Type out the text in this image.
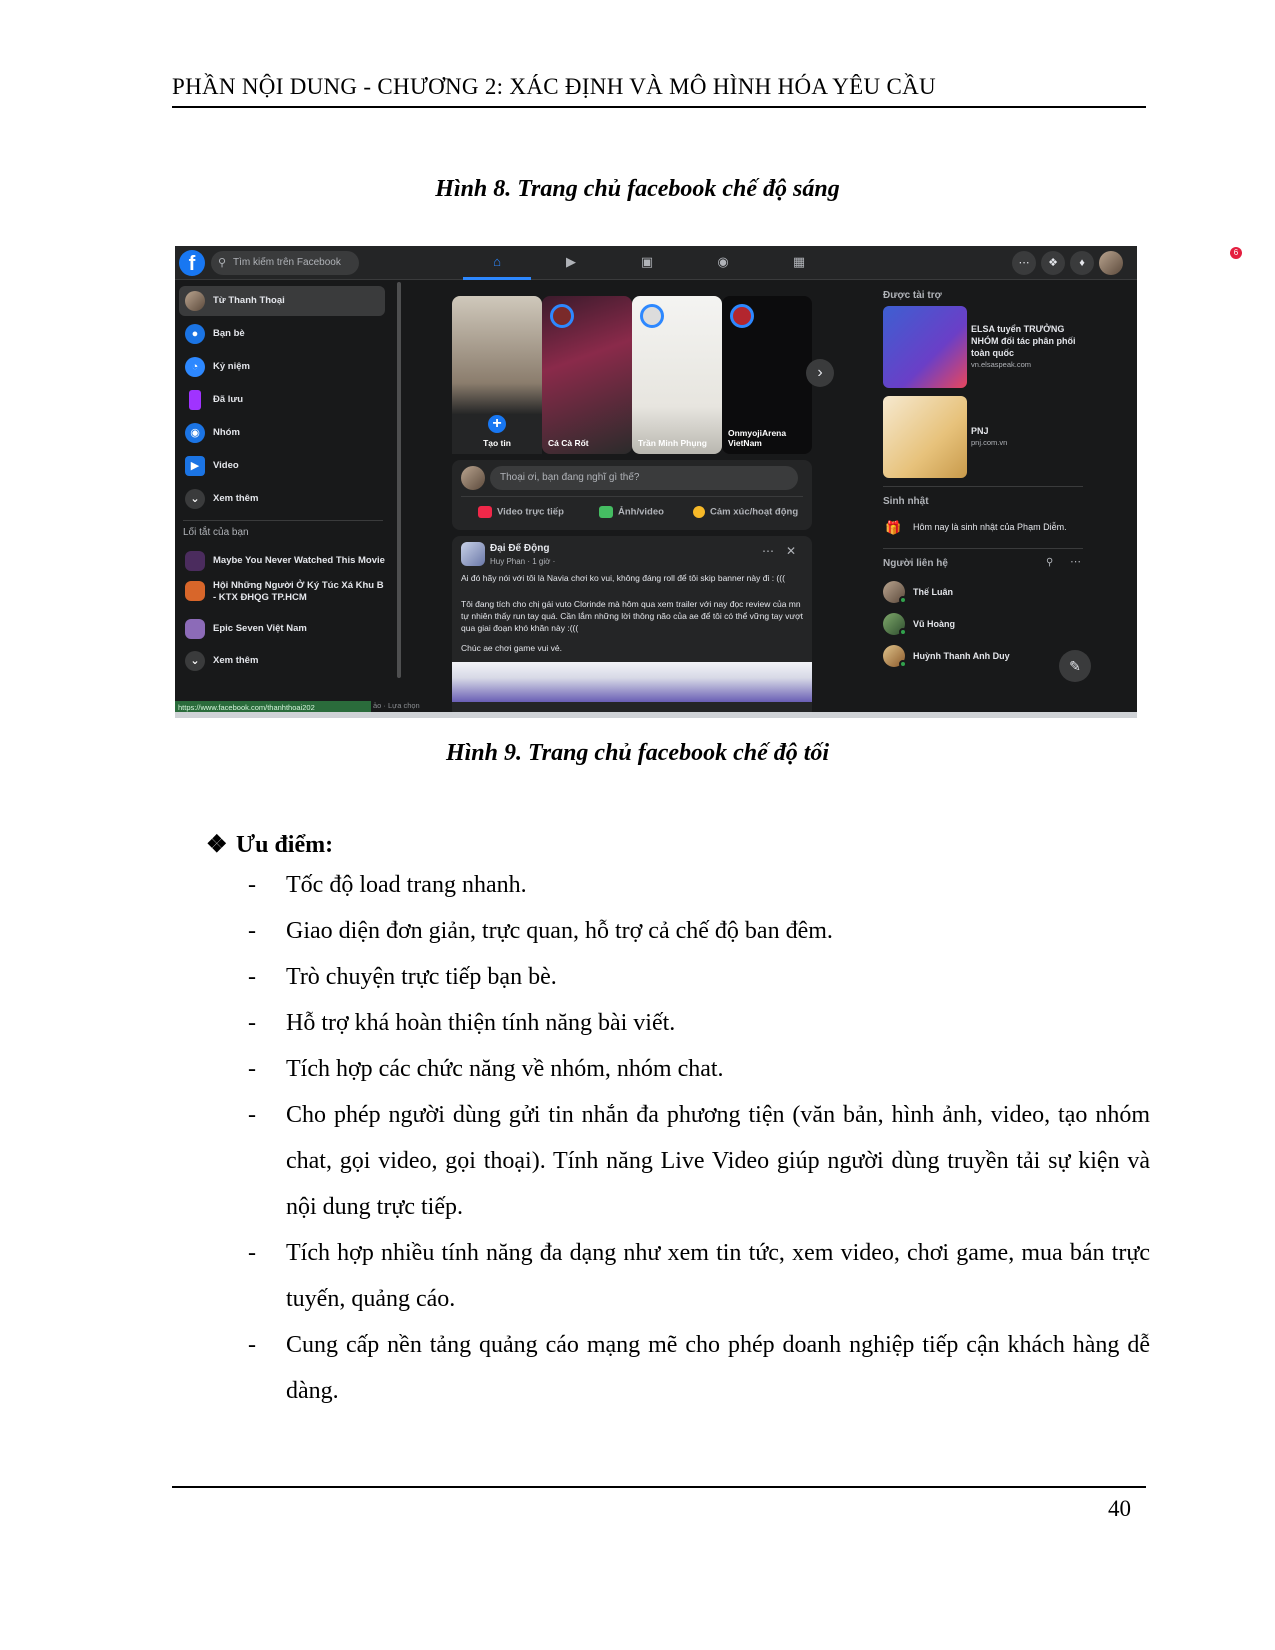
PHẦN NỘI DUNG - CHƯƠNG 2: XÁC ĐỊNH VÀ MÔ HÌNH HÓA YÊU CẦU
Hình 8. Trang chủ facebook chế độ sáng
f	⚲ Tìm kiếm trên Facebook	⌂	▶	▣	◉	▦	⋯	❖
6
♦
Từ Thanh Thoại
●	Bạn bè
◔	Kỷ niệm
Đã lưu
◉	Nhóm
▶	Video
⌄	Xem thêm
Lối tắt của bạn
Maybe You Never Watched This Movie
Hội Những Người Ở Ký Túc Xá Khu B - KTX ĐHQG TP.HCM
Epic Seven Việt Nam
⌄	Xem thêm
+
Tạo tin	Cá Cà Rốt	Trần Minh Phụng
OnmyojiArena VietNam
›
Thoại ơi, bạn đang nghĩ gì thế?
Video trực tiếp	Ảnh/video	Cảm xúc/hoạt động
Đại Đế Động
Huy Phan · 1 giờ ·
⋯ ✕
Ai đó hãy nói với tôi là Navia chơi ko vui, không đáng roll để tôi skip banner này đi : (((
Tôi đang tích cho chị gái vuto Clorinde mà hôm qua xem trailer với nay đọc review của mn tự nhiên thấy run tay quá. Cần lắm những lời thông não của ae để tôi có thể vững tay vượt qua giai đoạn khó khăn này :(((
Chúc ae chơi game vui vẻ.
Được tài trợ
ELSA tuyển TRƯỞNG NHÓM đối tác phân phối toàn quốc
vn.elsaspeak.com
PNJ
pnj.com.vn
Sinh nhật
🎁 Hôm nay là sinh nhật của Phạm Diễm.
Người liên hệ	⚲ ⋯
Thế Luân
Vũ Hoàng
Huỳnh Thanh Anh Duy
✎
https://www.facebook.com/thanhthoai202	ảo · Lựa chọn
Hình 9. Trang chủ facebook chế độ tối
❖ Ưu điểm:
- Tốc độ load trang nhanh.
- Giao diện đơn giản, trực quan, hỗ trợ cả chế độ ban đêm.
- Trò chuyện trực tiếp bạn bè.
- Hỗ trợ khá hoàn thiện tính năng bài viết.
- Tích hợp các chức năng về nhóm, nhóm chat.
- Cho phép người dùng gửi tin nhắn đa phương tiện (văn bản, hình ảnh, video, tạo nhóm chat, gọi video, gọi thoại). Tính năng Live Video giúp người dùng truyền tải sự kiện và nội dung trực tiếp.
- Tích hợp nhiều tính năng đa dạng như xem tin tức, xem video, chơi game, mua bán trực tuyến, quảng cáo.
- Cung cấp nền tảng quảng cáo mạng mẽ cho phép doanh nghiệp tiếp cận khách hàng dễ dàng.
40
